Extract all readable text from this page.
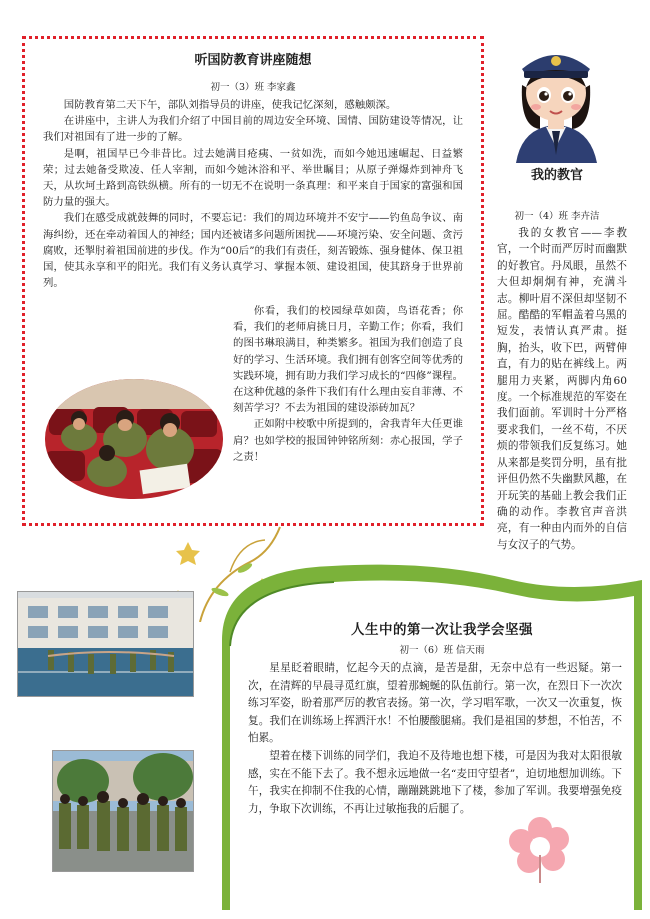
听国防教育讲座随想
初一（3）班 李家鑫

国防教育第二天下午，部队刘指导员的讲座，使我记忆深刻，感触颇深。

在讲座中，主讲人为我们介绍了中国目前的周边安全环境、国情、国防建设等情况，让我们对祖国有了进一步的了解。

是啊，祖国早已今非昔比。过去她满目疮痍、一贫如洗，而如今她迅速崛起、日益繁荣；过去她备受欺凌、任人宰割，而如今她沐浴和平、举世瞩目；从原子弹爆炸到神舟飞天，从坎坷土路到高铁纵横。所有的一切无不在说明一条真理：和平来自于国家的富强和国防力量的强大。

我们在感受成就鼓舞的同时，不要忘记：我们的周边环境并不安宁——钓鱼岛争议、南海纠纷，还在牵动着国人的神经；国内还被诸多问题所困扰——环境污染、安全问题、贪污腐败，还掣肘着祖国前进的步伐。作为“00后”的我们有责任，刻苦锻炼、强身健体、保卫祖国，使其永享和平的阳光。我们有义务认真学习、掌握本领、建设祖国，使其跻身于世界前列。

你看，我们的校园绿草如茵，鸟语花香；你看，我们的老师肩挑日月，辛勤工作；你看，我们的图书琳琅满目，种类繁多。祖国为我们创造了良好的学习、生活环境。我们拥有创客空间等优秀的实践环境，拥有助力我们学习成长的“四修”课程。在这种优越的条件下我们有什么理由妄自菲薄、不刻苦学习？不去为祖国的建设添砖加瓦？

正如附中校歌中所提到的，舍我青年大任更谁肩？也如学校的报国钟钟铭所刻：赤心报国，学子之责！

我的教官
初一（4）班 李卉洁

我的女教官——李教官，一个时而严厉时而幽默的好教官。丹凤眼，虽然不大但却炯炯有神，充满斗志。柳叶眉不深但却坚韧不屈。酷酷的军帽盖着乌黑的短发，表情认真严肃。挺胸，抬头，收下巴，两臂伸直，有力的贴在裤线上。两腿用力夹紧，两脚内角60度。一个标准规范的军姿在我们面前。军训时十分严格要求我们，一丝不苟，不厌烦的带领我们反复练习。她从来都是奖罚分明，虽有批评但仍然不失幽默风趣，在开玩笑的基础上教会我们正确的动作。李教官声音洪亮，有一种由内而外的自信与女汉子的气势。

人生中的第一次让我学会坚强
初一（6）班 信天雨

星星眨着眼睛，忆起今天的点滴，是苦是甜，无奈中总有一些迟疑。第一次，在清辉的早晨寻觅红旗，望着那蜿蜒的队伍前行。第一次，在烈日下一次次练习军姿，盼着那严厉的教官表扬。第一次，学习唱军歌，一次又一次重复，恢复。我们在训练场上挥洒汗水！不怕腰酸腿痛。我们是祖国的梦想，不怕苦，不怕累。

望着在楼下训练的同学们，我迫不及待地也想下楼，可是因为我对太阳很敏感，实在不能下去了。我不想永远地做一名“麦田守望者”，迫切地想加训练。下午，我实在抑制不住我的心情，蹦蹦跳跳地下了楼，参加了军训。我要增强免疫力，争取下次训练，不再让过敏拖我的后腿了。
